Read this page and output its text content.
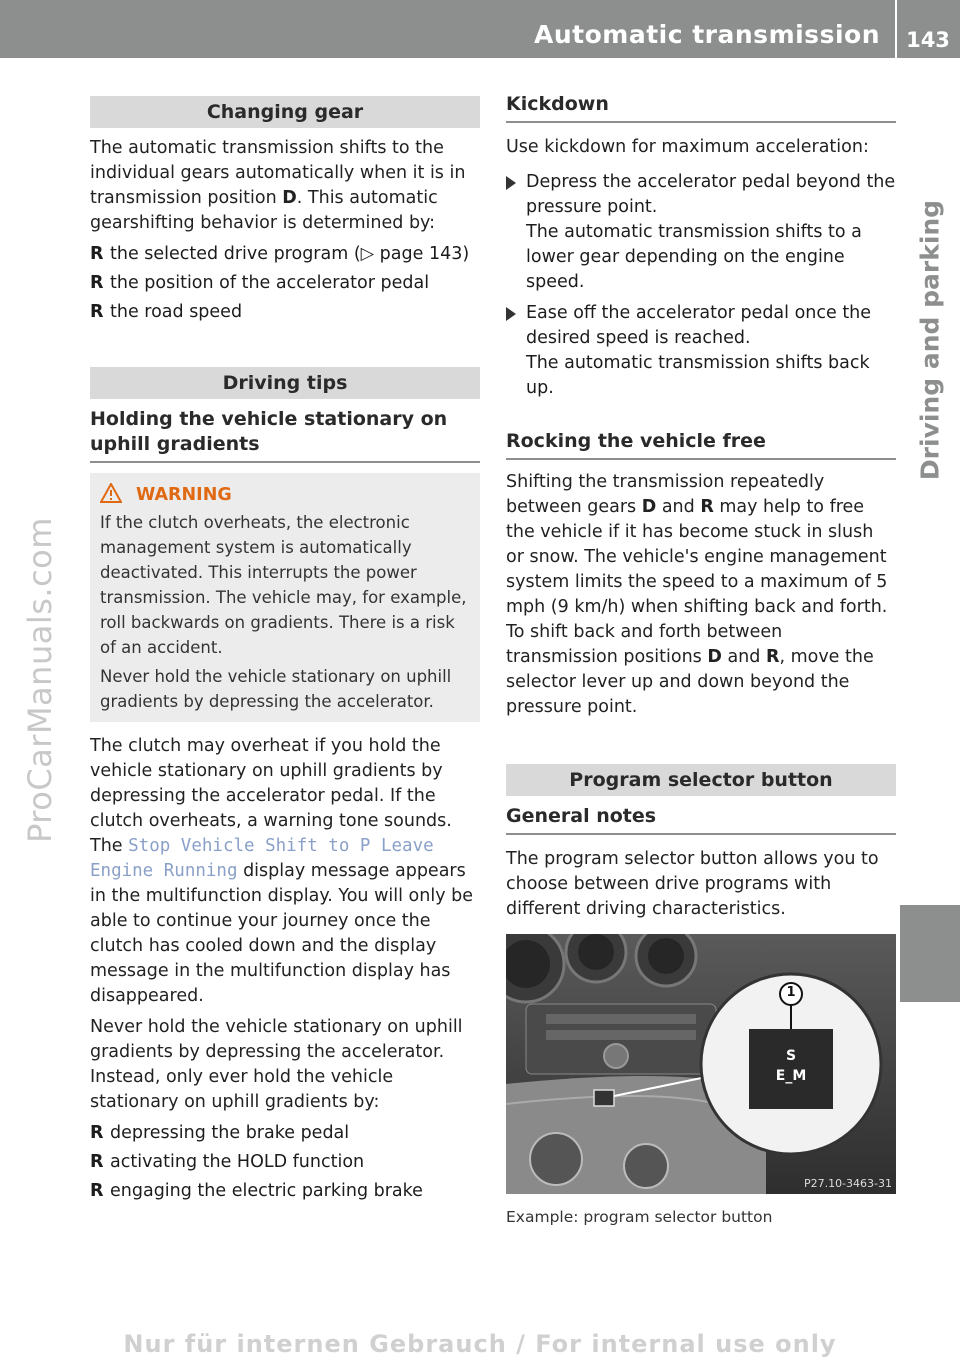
Automatic transmission 143
Driving and parking
ProCarManuals.com
Changing gear

The automatic transmission shifts to the individual gears automatically when it is in transmission position D. This automatic gearshifting behavior is determined by:

R the selected drive program (▷ page 143)
R the position of the accelerator pedal
R the road speed
Driving tips
Holding the vehicle stationary on uphill gradients
WARNING

If the clutch overheats, the electronic management system is automatically deactivated. This interrupts the power transmission. The vehicle may, for example, roll backwards on gradients. There is a risk of an accident.

Never hold the vehicle stationary on uphill gradients by depressing the accelerator.

The clutch may overheat if you hold the vehicle stationary on uphill gradients by depressing the accelerator pedal. If the clutch overheats, a warning tone sounds. The Stop Vehicle Shift to P Leave Engine Running display message appears in the multifunction display. You will only be able to continue your journey once the clutch has cooled down and the display message in the multifunction display has disappeared.

Never hold the vehicle stationary on uphill gradients by depressing the accelerator. Instead, only ever hold the vehicle stationary on uphill gradients by:

R depressing the brake pedal
R activating the HOLD function
R engaging the electric parking brake
Kickdown

Use kickdown for maximum acceleration:

Depress the accelerator pedal beyond the pressure point.
The automatic transmission shifts to a lower gear depending on the engine speed.
Ease off the accelerator pedal once the desired speed is reached.
The automatic transmission shifts back up.
Rocking the vehicle free

Shifting the transmission repeatedly between gears D and R may help to free the vehicle if it has become stuck in slush or snow. The vehicle's engine management system limits the speed to a maximum of 5 mph (9 km/h) when shifting back and forth. To shift back and forth between transmission positions D and R, move the selector lever up and down beyond the pressure point.

Program selector button
General notes

The program selector button allows you to choose between drive programs with different driving characteristics.

1
S
E_M
P27.10-3463-31
Example: program selector button
Nur für internen Gebrauch / For internal use only
